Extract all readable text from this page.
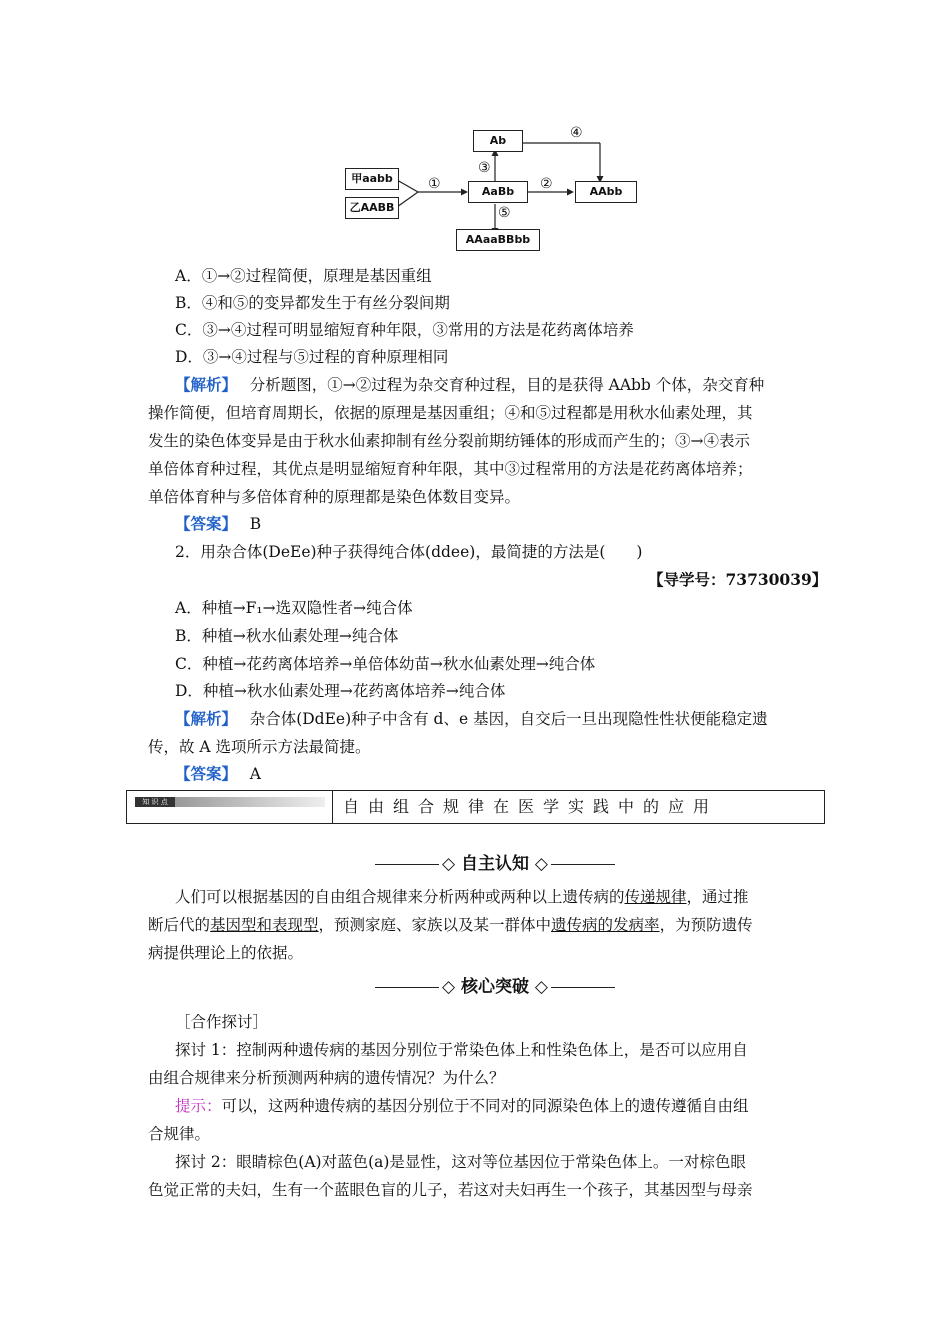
甲aabb
乙AABB
AaBb
Ab
AAbb
AAaaBBbb
①	②
③
④
⑤
A．①→②过程简便，原理是基因重组
B．④和⑤的变异都发生于有丝分裂间期
C．③→④过程可明显缩短育种年限，③常用的方法是花药离体培养
D．③→④过程与⑤过程的育种原理相同
【解析】　 分析题图，①→②过程为杂交育种过程，目的是获得 AAbb 个体，杂交育种
操作简便，但培育周期长，依据的原理是基因重组；④和⑤过程都是用秋水仙素处理，其
发生的染色体变异是由于秋水仙素抑制有丝分裂前期纺锤体的形成而产生的；③→④表示
单倍体育种过程，其优点是明显缩短育种年限，其中③过程常用的方法是花药离体培养；
单倍体育种与多倍体育种的原理都是染色体数目变异。
【答案】　 B
2．用杂合体(DeEe)种子获得纯合体(ddee)，最简捷的方法是(　　)
【导学号：73730039】
A．种植→F₁→选双隐性者→纯合体
B．种植→秋水仙素处理→纯合体
C．种植→花药离体培养→单倍体幼苗→秋水仙素处理→纯合体
D．种植→秋水仙素处理→花药离体培养→纯合体
【解析】　 杂合体(DdEe)种子中含有 d、e 基因，自交后一旦出现隐性性状便能稳定遗
传，故 A 选项所示方法最简捷。
【答案】　 A
知 识 点	自由组合规律在医学实践中的应用
◇ 自主认知 ◇
人们可以根据基因的自由组合规律来分析两种或两种以上遗传病的传递规律，通过推
断后代的基因型和表现型，预测家庭、家族以及某一群体中遗传病的发病率，为预防遗传
病提供理论上的依据。
◇ 核心突破 ◇
［合作探讨］
探讨 1：控制两种遗传病的基因分别位于常染色体上和性染色体上，是否可以应用自
由组合规律来分析预测两种病的遗传情况？为什么？
提示：可以，这两种遗传病的基因分别位于不同对的同源染色体上的遗传遵循自由组
合规律。
探讨 2：眼睛棕色(A)对蓝色(a)是显性，这对等位基因位于常染色体上。一对棕色眼
色觉正常的夫妇，生有一个蓝眼色盲的儿子，若这对夫妇再生一个孩子，其基因型与母亲
